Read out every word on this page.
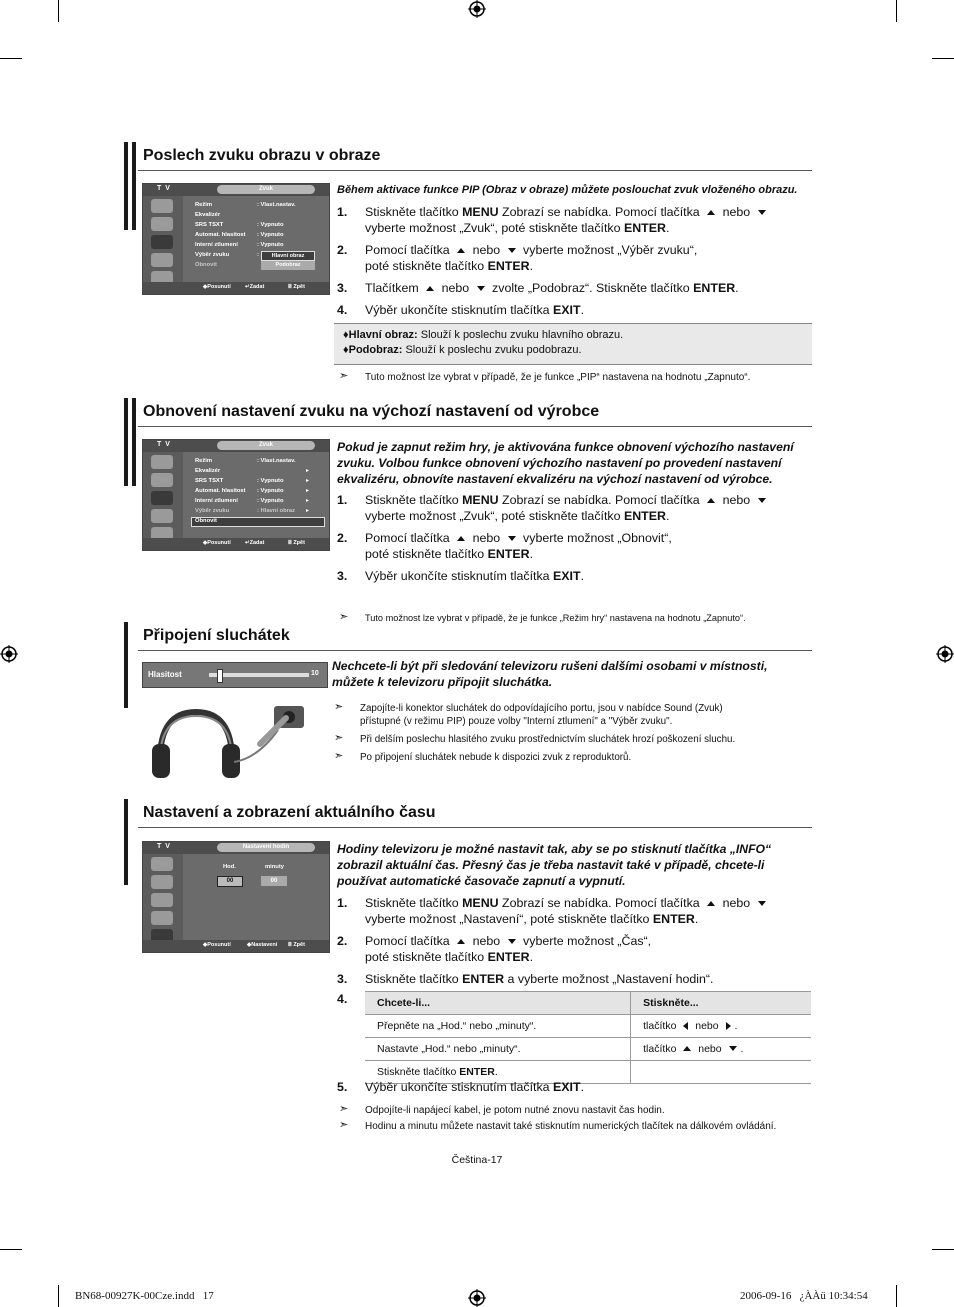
Poslech zvuku obrazu v obraze
T V	Zvuk
Režim	: Vlast.nastav.
Ekvalizér
SRS TSXT	: Vypnuto
Automat. hlasitost : Vypnuto
Interní ztlumení	: Vypnuto
Výběr zvuku	:
Obnovit
Hlavní obraz
Podobraz
◆Posunutí	↵Zadat	Ⅲ Zpět
Během aktivace funkce PIP (Obraz v obraze) můžete poslouchat zvuk vloženého obrazu.
1. Stiskněte tlačítko MENU Zobrazí se nabídka. Pomocí tlačítka  nebo
vyberte možnost „Zvuk“, poté stiskněte tlačítko ENTER.
2. Pomocí tlačítka  nebo  vyberte možnost „Výběr zvuku“,
poté stiskněte tlačítko ENTER.
3. Tlačítkem  nebo  zvolte „Podobraz“. Stiskněte tlačítko ENTER.
4. Výběr ukončíte stisknutím tlačítka EXIT.
♦Hlavní obraz: Slouží k poslechu zvuku hlavního obrazu.
♦Podobraz: Slouží k poslechu zvuku podobrazu.
➣ Tuto možnost lze vybrat v případě, že je funkce „PIP“ nastavena na hodnotu „Zapnuto“.
Obnovení nastavení zvuku na výchozí nastavení od výrobce
T V	Zvuk
Režim	: Vlast.nastav.
Ekvalizér
SRS TSXT	: Vypnuto
Automat. hlasitost : Vypnuto
Interní ztlumení	: Vypnuto
Výběr zvuku	: Hlavní obraz
Obnovit
▸
▸
▸
▸
▸
◆Posunutí	↵Zadat	Ⅲ Zpět
Pokud je zapnut režim hry, je aktivována funkce obnovení výchozího nastavení zvuku. Volbou funkce obnovení výchozího nastavení po provedení nastavení ekvalizéru, obnovíte nastavení ekvalizéru na výchozí nastavení od výrobce.
1. Stiskněte tlačítko MENU Zobrazí se nabídka. Pomocí tlačítka  nebo
vyberte možnost „Zvuk“, poté stiskněte tlačítko ENTER.
2. Pomocí tlačítka  nebo  vyberte možnost „Obnovit“,
poté stiskněte tlačítko ENTER.
3. Výběr ukončíte stisknutím tlačítka EXIT.
➣ Tuto možnost lze vybrat v případě, že je funkce „Režim hry“ nastavena na hodnotu „Zapnuto“.
Připojení sluchátek
Hlasitost	10
Nechcete-li být při sledování televizoru rušeni dalšími osobami v místnosti, můžete k televizoru připojit sluchátka.
➣ Zapojíte-li konektor sluchátek do odpovídajícího portu, jsou v nabídce Sound (Zvuk)
přístupné (v režimu PIP) pouze volby "Interní ztlumení" a "Výběr zvuku".
➣ Při delším poslechu hlasitého zvuku prostřednictvím sluchátek hrozí poškození sluchu.
➣ Po připojení sluchátek nebude k dispozici zvuk z reproduktorů.
Nastavení a zobrazení aktuálního času
T V	Nastavení hodin
Hod.	minuty
00	00
◆Posunutí	◆Nastavení Ⅲ Zpět
Hodiny televizoru je možné nastavit tak, aby se po stisknutí tlačítka „INFO“ zobrazil aktuální čas. Přesný čas je třeba nastavit také v případě, chcete-li používat automatické časovače zapnutí a vypnutí.
1. Stiskněte tlačítko MENU Zobrazí se nabídka. Pomocí tlačítka  nebo
vyberte možnost „Nastavení“, poté stiskněte tlačítko ENTER.
2. Pomocí tlačítka  nebo  vyberte možnost „Čas“,
poté stiskněte tlačítko ENTER.
3. Stiskněte tlačítko ENTER a vyberte možnost „Nastavení hodin“.
4.	Chcete-li...	Stiskněte...
Přepněte na „Hod.“ nebo „minuty“.	tlačítko  nebo .
Nastavte „Hod.“ nebo „minuty“.	tlačítko  nebo .
Stiskněte tlačítko ENTER.	
5. Výběr ukončíte stisknutím tlačítka EXIT.
➣ Odpojíte-li napájecí kabel, je potom nutné znovu nastavit čas hodin.
➣ Hodinu a minutu můžete nastavit také stisknutím numerických tlačítek na dálkovém ovládání.
Čeština-17
BN68-00927K-00Cze.indd   17	2006-09-16   ¿ÀÀü 10:34:54
